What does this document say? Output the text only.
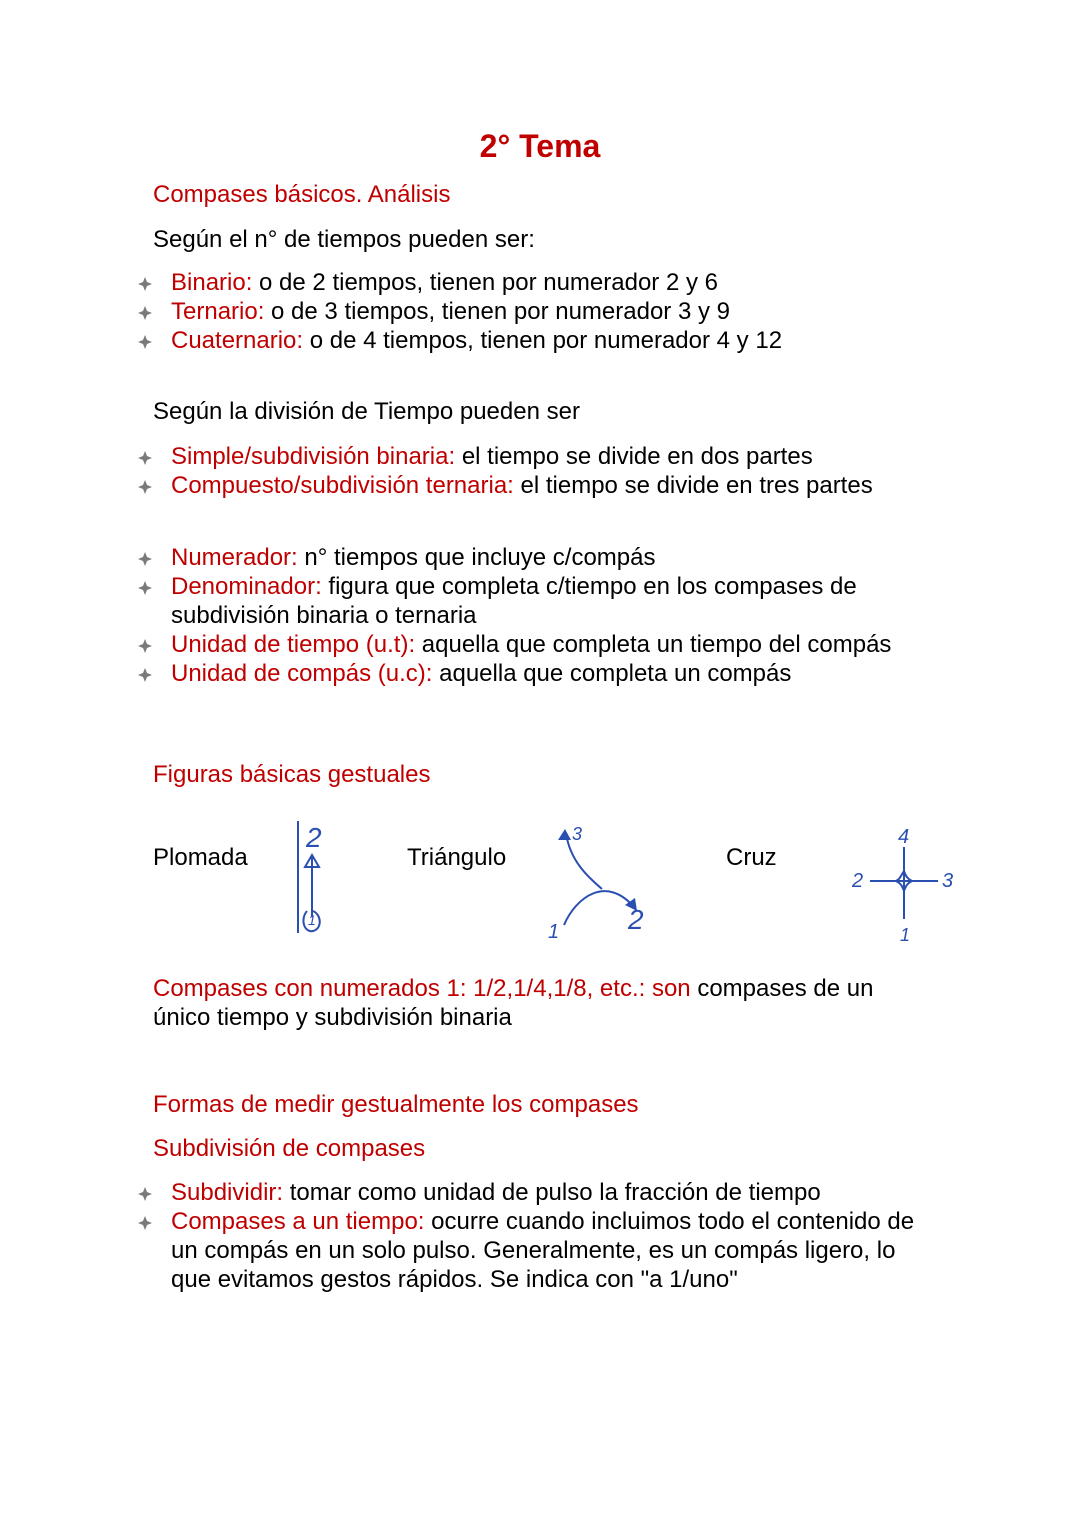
2° Tema
Compases básicos. Análisis
Según el n° de tiempos pueden ser:
Binario: o de 2 tiempos, tienen por numerador 2 y 6
Ternario: o de 3 tiempos, tienen por numerador 3 y 9
Cuaternario: o de 4 tiempos, tienen por numerador 4 y 12
Según la división de Tiempo pueden ser
Simple/subdivisión binaria: el tiempo se divide en dos partes
Compuesto/subdivisión ternaria: el tiempo se divide en tres partes
Numerador: n° tiempos que incluye c/compás
Denominador: figura que completa c/tiempo en los compases de subdivisión binaria o ternaria
Unidad de tiempo (u.t): aquella que completa un tiempo del compás
Unidad de compás (u.c): aquella que completa un compás
Figuras básicas gestuales
Plomada
2
1
Triángulo
3
1 2
Cruz
4
2	3
1

Compases con numerados 1: 1/2,1/4,1/8, etc.: son compases de un único tiempo y subdivisión binaria

Formas de medir gestualmente los compases
Subdivisión de compases
Subdividir: tomar como unidad de pulso la fracción de tiempo
Compases a un tiempo: ocurre cuando incluimos todo el contenido de un compás en un solo pulso. Generalmente, es un compás ligero, lo que evitamos gestos rápidos. Se indica con "a 1/uno"
